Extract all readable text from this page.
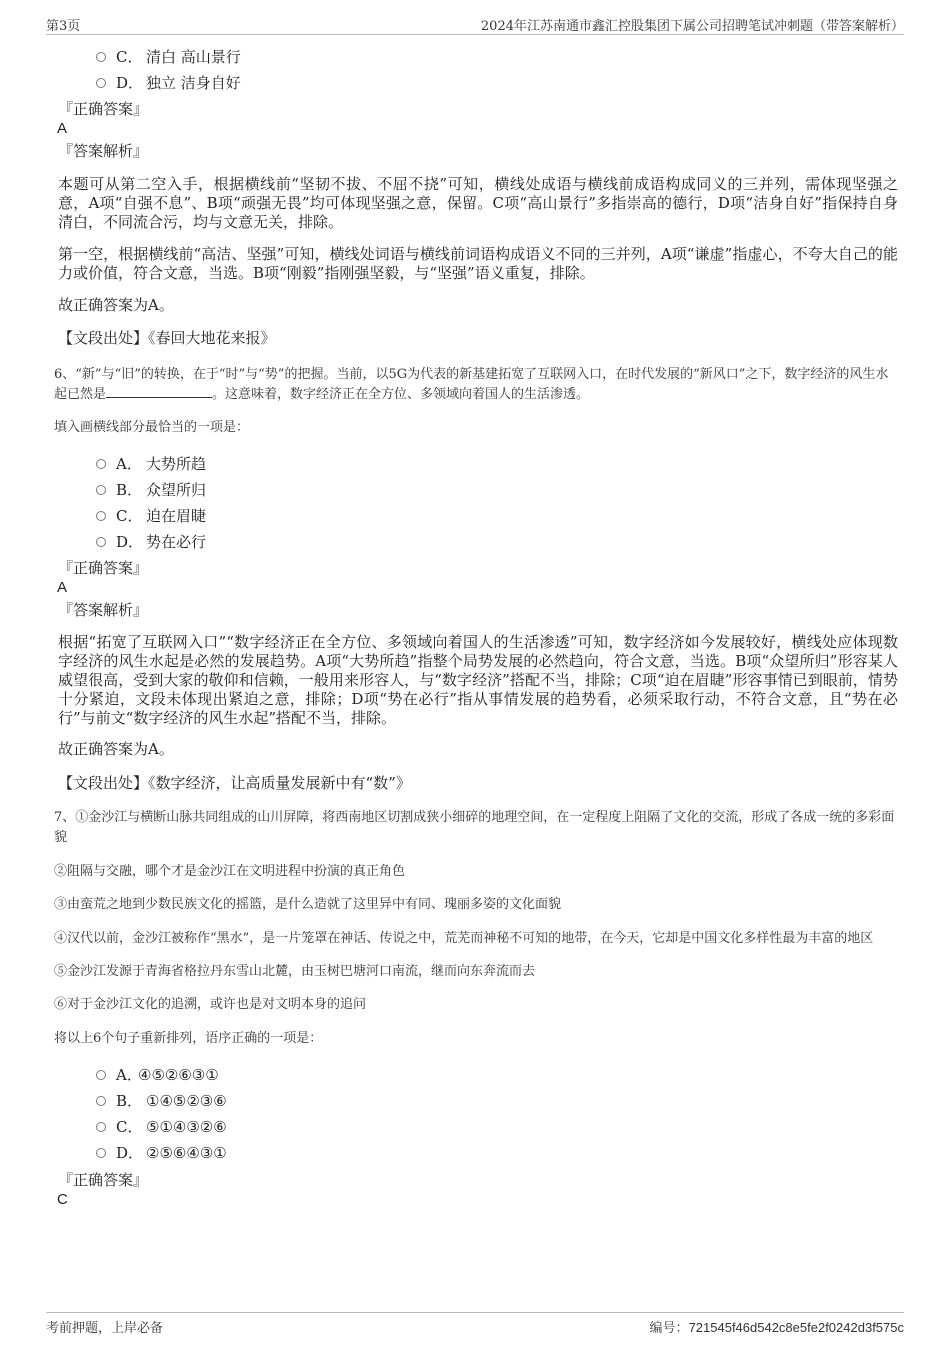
第3页	2024年江苏南通市鑫汇控股集团下属公司招聘笔试冲刺题（带答案解析）
C． 清白 高山景行
D． 独立 洁身自好
『正确答案』
A
『答案解析』

本题可从第二空入手，根据横线前“坚韧不拔、不屈不挠”可知，横线处成语与横线前成语构成同义的三并列，需体现坚强之意，A项“自强不息”、B项“顽强无畏”均可体现坚强之意，保留。C项“高山景行”多指崇高的德行，D项“洁身自好”指保持自身清白，不同流合污，均与文意无关，排除。

第一空，根据横线前“高洁、坚强”可知，横线处词语与横线前词语构成语义不同的三并列，A项“谦虚”指虚心，不夸大自己的能力或价值，符合文意，当选。B项“刚毅”指刚强坚毅，与“坚强”语义重复，排除。

故正确答案为A。

【文段出处】《春回大地花来报》

6、“新”与“旧”的转换，在于“时”与“势”的把握。当前，以5G为代表的新基建拓宽了互联网入口，在时代发展的“新风口”之下，数字经济的风生水起已然是	。这意味着，数字经济正在全方位、多领域向着国人的生活渗透。

填入画横线部分最恰当的一项是：

A． 大势所趋
B． 众望所归
C． 迫在眉睫
D． 势在必行
『正确答案』
A
『答案解析』

根据“拓宽了互联网入口”“数字经济正在全方位、多领域向着国人的生活渗透”可知，数字经济如今发展较好，横线处应体现数字经济的风生水起是必然的发展趋势。A项“大势所趋”指整个局势发展的必然趋向，符合文意，当选。B项“众望所归”形容某人威望很高，受到大家的敬仰和信赖，一般用来形容人，与“数字经济”搭配不当，排除；C项“迫在眉睫”形容事情已到眼前，情势十分紧迫，文段未体现出紧迫之意，排除；D项“势在必行”指从事情发展的趋势看，必须采取行动，不符合文意，且“势在必行”与前文“数字经济的风生水起”搭配不当，排除。

故正确答案为A。

【文段出处】《数字经济，让高质量发展新中有“数”》

7、①金沙江与横断山脉共同组成的山川屏障，将西南地区切割成狭小细碎的地理空间，在一定程度上阻隔了文化的交流，形成了各成一统的多彩面貌

②阻隔与交融，哪个才是金沙江在文明进程中扮演的真正角色

③由蛮荒之地到少数民族文化的摇篮，是什么造就了这里异中有同、瑰丽多姿的文化面貌

④汉代以前，金沙江被称作“黑水”，是一片笼罩在神话、传说之中，荒芜而神秘不可知的地带，在今天，它却是中国文化多样性最为丰富的地区

⑤金沙江发源于青海省格拉丹东雪山北麓，由玉树巴塘河口南流，继而向东奔流而去

⑥对于金沙江文化的追溯，或许也是对文明本身的追问

将以上6个句子重新排列，语序正确的一项是：

A．④⑤②⑥③①
B． ①④⑤②③⑥
C． ⑤①④③②⑥
D． ②⑤⑥④③①
『正确答案』
C
考前押题，上岸必备	编号：721545f46d542c8e5fe2f0242d3f575c
